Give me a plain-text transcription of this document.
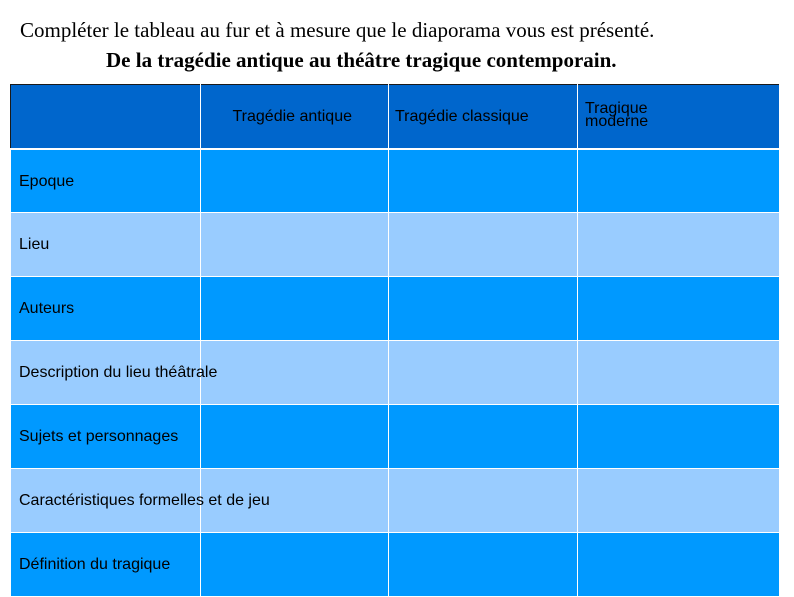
Compléter le tableau au fur et à mesure que le diaporama vous est présenté.
De la tragédie antique au théâtre tragique contemporain.

	Tragédie antique	Tragédie classique	Tragique
moderne

Epoque			

Lieu			

Auteurs			

Description du lieu théâtrale			

Sujets et personnages			

Caractéristiques formelles et de jeu			

Définition du tragique			
